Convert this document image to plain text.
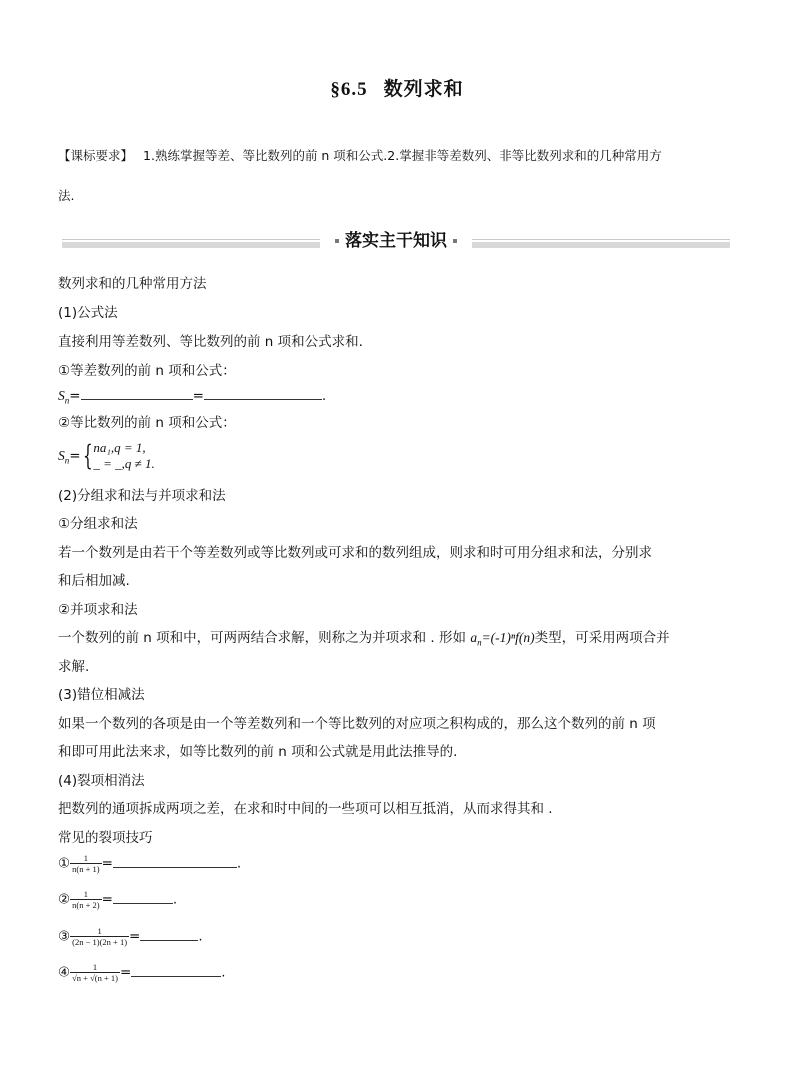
§6.5 数列求和
【课标要求】 1.熟练掌握等差、等比数列的前 n 项和公式.2.掌握非等差数列、非等比数列求和的几种常用方
法.
落实主干知识
数列求和的几种常用方法
(1)公式法
直接利用等差数列、等比数列的前 n 项和公式求和.
①等差数列的前 n 项和公式：
$S_n=$	=	.
②等比数列的前 n 项和公式：
$S_n=${ na₁,q = 1,
_ = _,q ≠ 1.
(2)分组求和法与并项求和法
①分组求和法
若一个数列是由若干个等差数列或等比数列或可求和的数列组成，则求和时可用分组求和法，分别求
和后相加减.
②并项求和法
一个数列的前 n 项和中，可两两结合求解，则称之为并项求和 . 形如 $a_n=(-1)^nf(n)$类型，可采用两项合并
求解.
(3)错位相减法
如果一个数列的各项是由一个等差数列和一个等比数列的对应项之积构成的，那么这个数列的前 n 项
和即可用此法来求，如等比数列的前 n 项和公式就是用此法推导的.
(4)裂项相消法
把数列的通项拆成两项之差，在求和时中间的一些项可以相互抵消，从而求得其和 .
常见的裂项技巧
① $\frac{1}{n(n + 1)}$ =	.
② $\frac{1}{n(n + 2)}$ =	.
③ $\frac{1}{(2n - 1)(2n + 1)}$ =	.
④ $\frac{1}{√n + √(n + 1)}$ =	.
